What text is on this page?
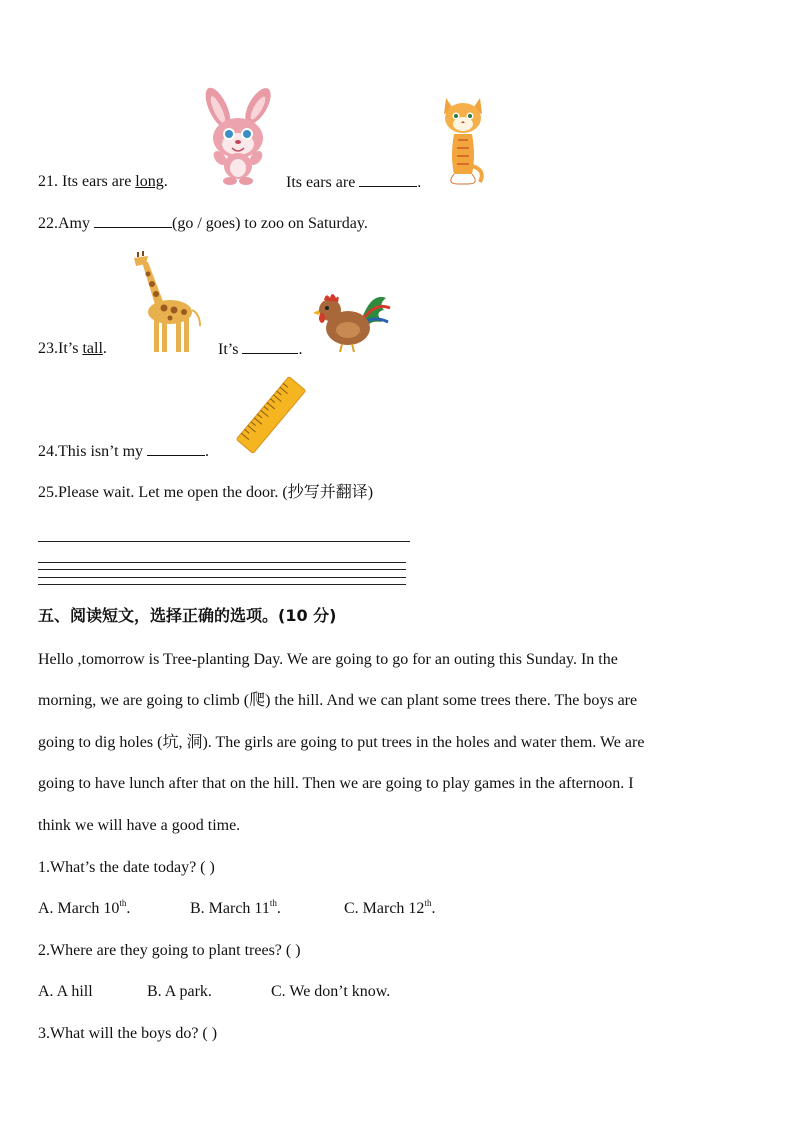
21. Its ears are long.	Its ears are	.
22.Amy	(go / goes) to zoo on Saturday.
23.It’s tall.	It’s	.
24.This isn’t my	.
25.Please wait. Let me open the door. (抄写并翻译)
五、阅读短文，选择正确的选项。(10 分)
Hello ,tomorrow is Tree-planting Day. We are going to go for an outing this Sunday. In the
morning, we are going to climb (爬) the hill. And we can plant some trees there. The boys are
going to dig holes (坑, 洞). The girls are going to put trees in the holes and water them. We are
going to have lunch after that on the hill. Then we are going to play games in the afternoon. I
think we will have a good time.
1.What’s the date today? ( )
A. March 10th.	B. March 11th.	C. March 12th.
2.Where are they going to plant trees? ( )
A. A hill	B. A park.	C. We don’t know.
3.What will the boys do? ( )
